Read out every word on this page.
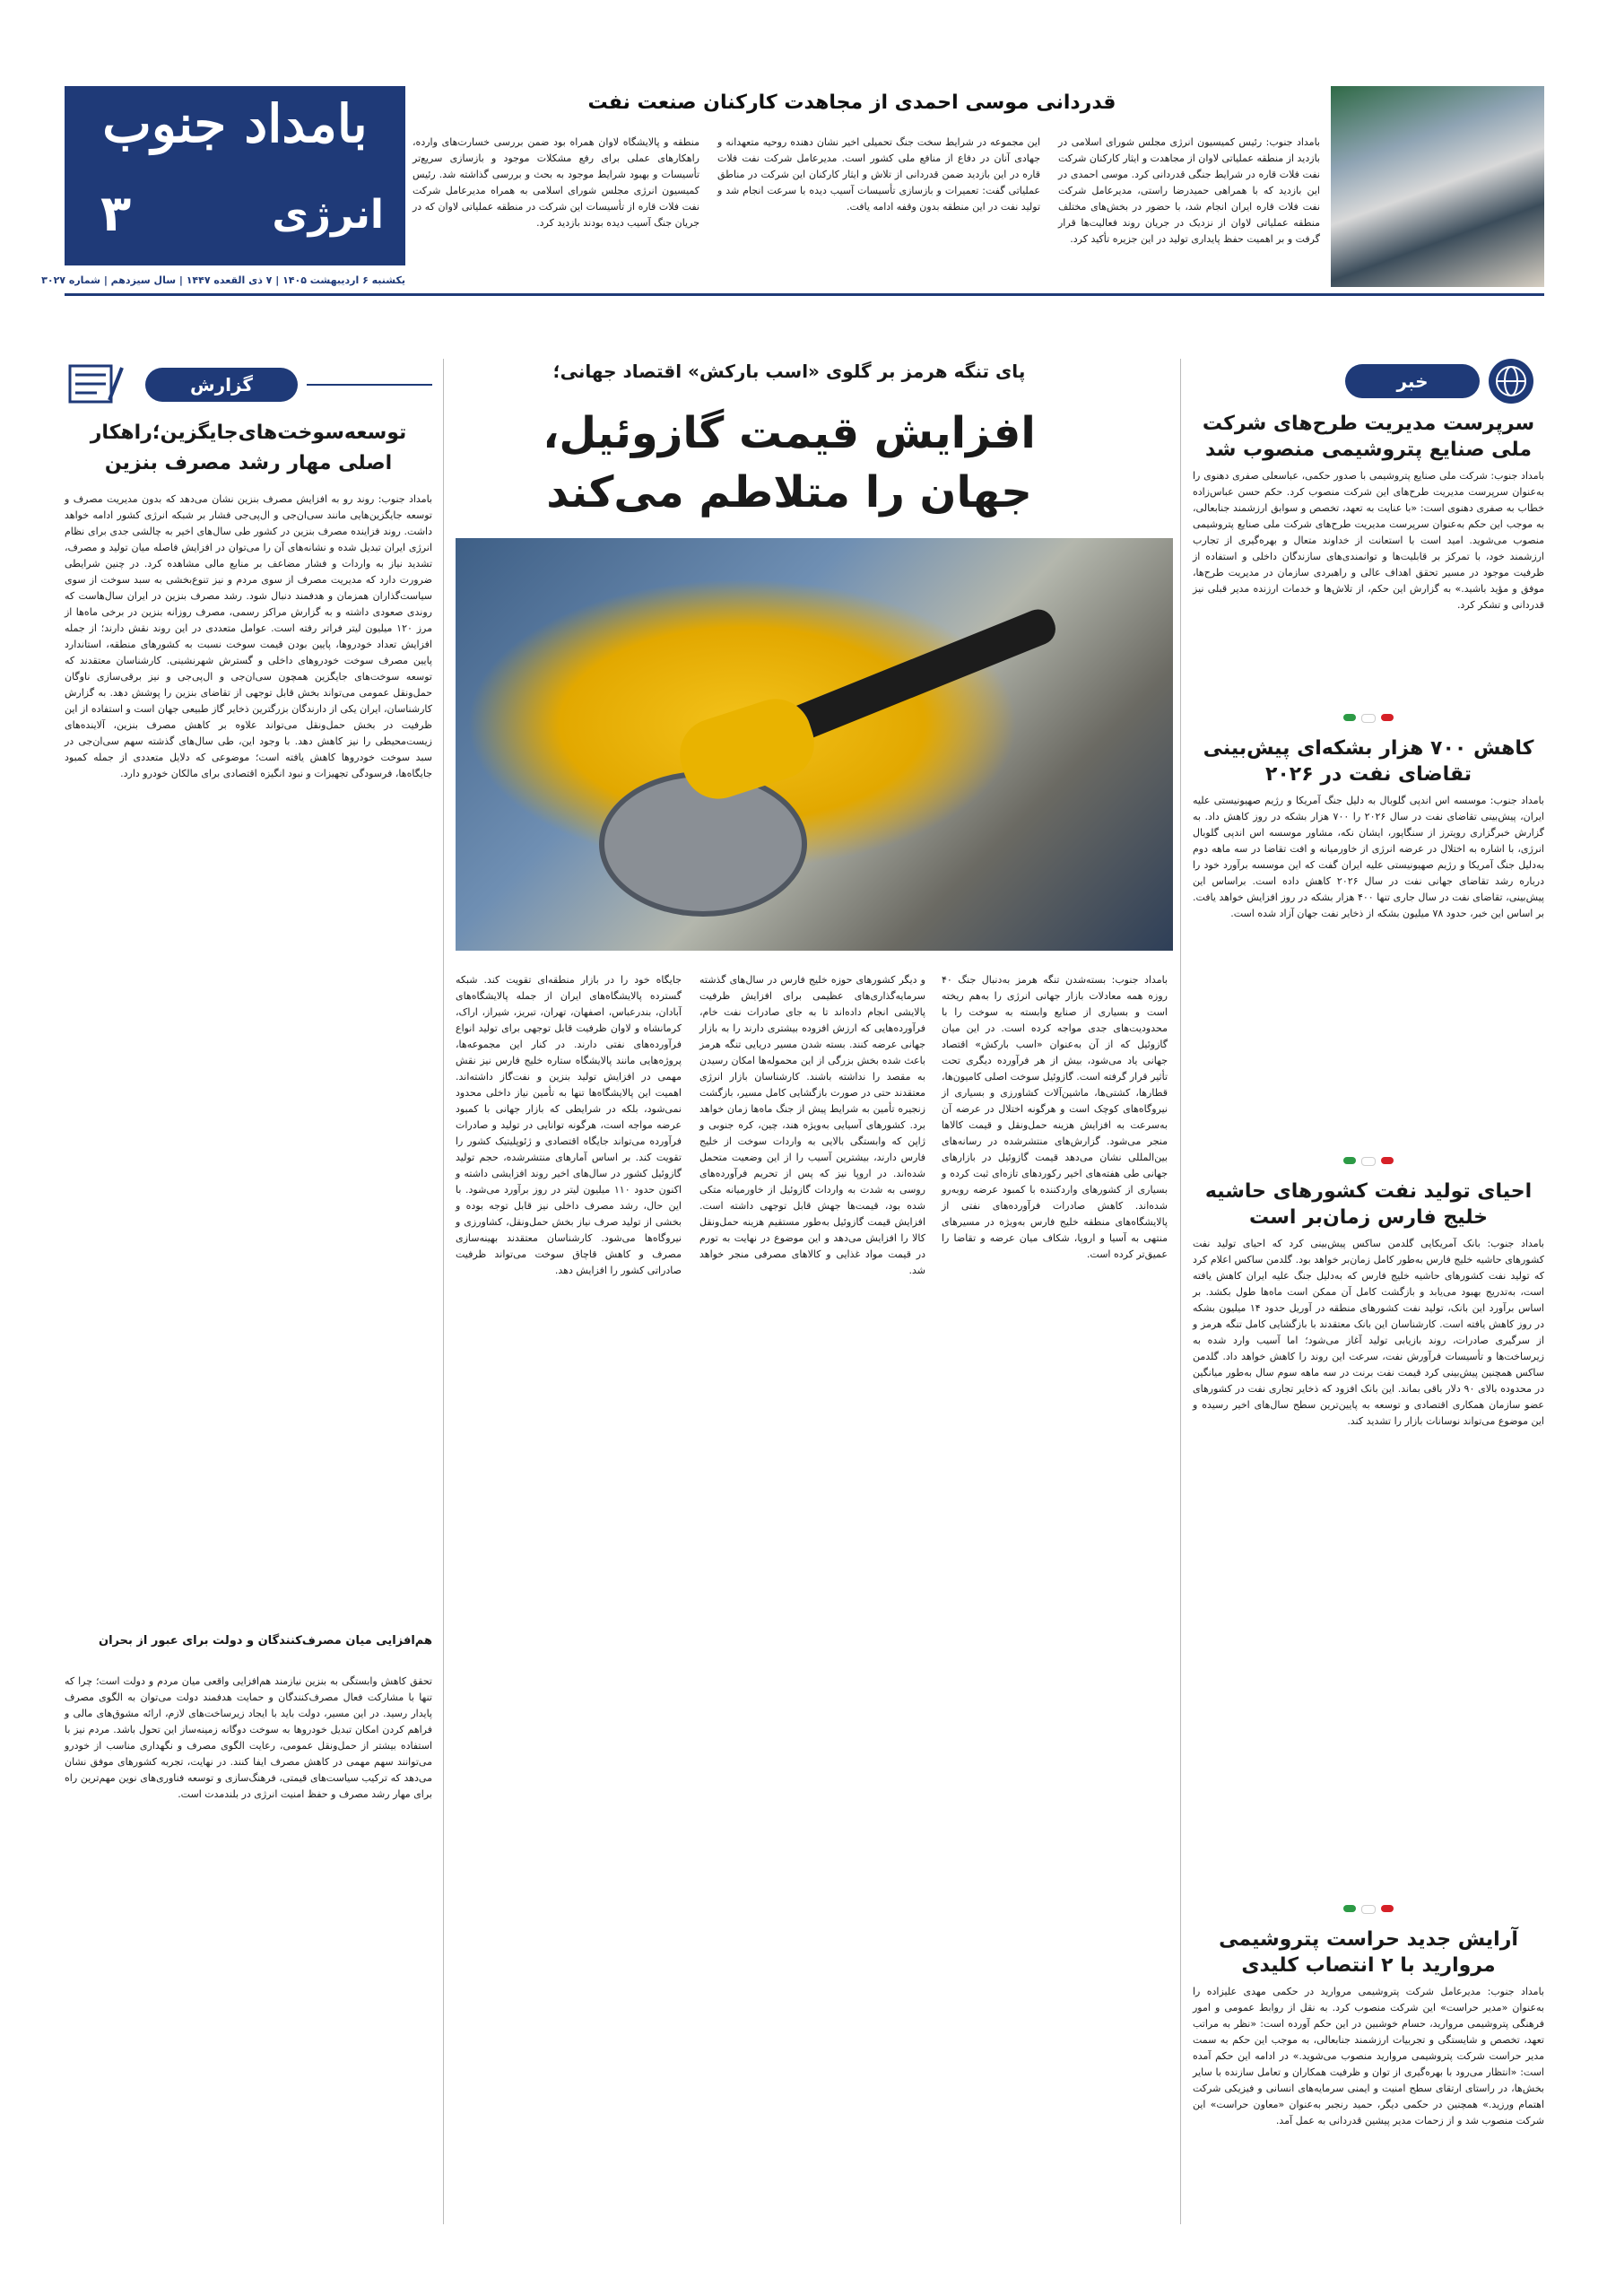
بامداد جنوب
انرژی
۳
یکشنبه ۶ اردیبهشت ۱۴۰۵ | ۷ ذی القعده ۱۴۴۷ | سال سیزدهم | شماره ۳۰۲۷
قدردانی موسی احمدی از مجاهدت کارکنان صنعت نفت
بامداد جنوب: رئیس کمیسیون انرژی مجلس شورای اسلامی در بازدید از منطقه عملیاتی لاوان از مجاهدت و ایثار کارکنان شرکت نفت فلات قاره در شرایط جنگی قدردانی کرد. موسی احمدی در این بازدید که با همراهی حمیدرضا راستی، مدیرعامل شرکت نفت فلات قاره ایران انجام شد، با حضور در بخش‌های مختلف منطقه عملیاتی لاوان از نزدیک در جریان روند فعالیت‌ها قرار گرفت و بر اهمیت حفظ پایداری تولید در این جزیره تأکید کرد.
این مجموعه در شرایط سخت جنگ تحمیلی اخیر نشان دهنده روحیه متعهدانه و جهادی آنان در دفاع از منافع ملی کشور است. مدیرعامل شرکت نفت فلات قاره در این بازدید ضمن قدردانی از تلاش و ایثار کارکنان این شرکت در مناطق عملیاتی گفت: تعمیرات و بازسازی تأسیسات آسیب دیده با سرعت انجام شد و تولید نفت در این منطقه بدون وقفه ادامه یافت.
منطقه و پالایشگاه لاوان همراه بود ضمن بررسی خسارت‌های وارده، راهکارهای عملی برای رفع مشکلات موجود و بازسازی سریع‌تر تأسیسات و بهبود شرایط موجود به بحث و بررسی گذاشته شد. رئیس کمیسیون انرژی مجلس شورای اسلامی به همراه مدیرعامل شرکت نفت فلات قاره از تأسیسات این شرکت در منطقه عملیاتی لاوان که در جریان جنگ آسیب دیده بودند بازدید کرد.
خبر
سرپرست مدیریت طرح‌های شرکت
ملی صنایع پتروشیمی منصوب شد
بامداد جنوب: شرکت ملی صنایع پتروشیمی با صدور حکمی، عباسعلی صفری دهنوی را به‌عنوان سرپرست مدیریت طرح‌های این شرکت منصوب کرد. حکم حسن عباس‌زاده خطاب به صفری دهنوی است: «با عنایت به تعهد، تخصص و سوابق ارزشمند جنابعالی، به موجب این حکم به‌عنوان سرپرست مدیریت طرح‌های شرکت ملی صنایع پتروشیمی منصوب می‌شوید. امید است با استعانت از خداوند متعال و بهره‌گیری از تجارب ارزشمند خود، با تمرکز بر قابلیت‌ها و توانمندی‌های سازندگان داخلی و استفاده از ظرفیت موجود در مسیر تحقق اهداف عالی و راهبردی سازمان در مدیریت طرح‌ها، موفق و مؤید باشید.» به گزارش این حکم، از تلاش‌ها و خدمات ارزنده مدیر قبلی نیز قدردانی و تشکر کرد.
کاهش ۷۰۰ هزار بشکه‌ای پیش‌بینی
تقاضای نفت در ۲۰۲۶
بامداد جنوب: موسسه اس اندپی گلوبال به دلیل جنگ آمریکا و رژیم صهیونیستی علیه ایران، پیش‌بینی تقاضای نفت در سال ۲۰۲۶ را ۷۰۰ هزار بشکه در روز کاهش داد. به گزارش خبرگزاری رویترز از سنگاپور، ایشان نکه، مشاور موسسه اس اندپی گلوبال انرژی، با اشاره به اختلال در عرضه انرژی از خاورمیانه و افت تقاضا در سه ماهه دوم به‌دلیل جنگ آمریکا و رژیم صهیونیستی علیه ایران گفت که این موسسه برآورد خود را درباره رشد تقاضای جهانی نفت در سال ۲۰۲۶ کاهش داده است. براساس این پیش‌بینی، تقاضای نفت در سال جاری تنها ۴۰۰ هزار بشکه در روز افزایش خواهد یافت. بر اساس این خبر، حدود ۷۸ میلیون بشکه از ذخایر نفت جهان آزاد شده است.
احیای تولید نفت کشورهای حاشیه
خلیج فارس زمان‌بر است
بامداد جنوب: بانک آمریکایی گلدمن ساکس پیش‌بینی کرد که احیای تولید نفت کشورهای حاشیه خلیج فارس به‌طور کامل زمان‌بر خواهد بود. گلدمن ساکس اعلام کرد که تولید نفت کشورهای حاشیه خلیج فارس که به‌دلیل جنگ علیه ایران کاهش یافته است، به‌تدریج بهبود می‌یابد و بازگشت کامل آن ممکن است ماه‌ها طول بکشد. بر اساس برآورد این بانک، تولید نفت کشورهای منطقه در آوریل حدود ۱۴ میلیون بشکه در روز کاهش یافته است. کارشناسان این بانک معتقدند با بازگشایی کامل تنگه هرمز و از سرگیری صادرات، روند بازیابی تولید آغاز می‌شود؛ اما آسیب وارد شده به زیرساخت‌ها و تأسیسات فرآورش نفت، سرعت این روند را کاهش خواهد داد. گلدمن ساکس همچنین پیش‌بینی کرد قیمت نفت برنت در سه ماهه سوم سال به‌طور میانگین در محدوده بالای ۹۰ دلار باقی بماند. این بانک افزود که ذخایر تجاری نفت در کشورهای عضو سازمان همکاری اقتصادی و توسعه به پایین‌ترین سطح سال‌های اخیر رسیده و این موضوع می‌تواند نوسانات بازار را تشدید کند.
آرایش جدید حراست پتروشیمی
مروارید با ۲ انتصاب کلیدی
بامداد جنوب: مدیرعامل شرکت پتروشیمی مروارید در حکمی مهدی علیزاده را به‌عنوان «مدیر حراست» این شرکت منصوب کرد. به نقل از روابط عمومی و امور فرهنگی پتروشیمی مروارید، حسام خوشبین در این حکم آورده است: «نظر به مراتب تعهد، تخصص و شایستگی و تجربیات ارزشمند جنابعالی، به موجب این حکم به سمت مدیر حراست شرکت پتروشیمی مروارید منصوب می‌شوید.» در ادامه این حکم آمده است: «انتظار می‌رود با بهره‌گیری از توان و ظرفیت همکاران و تعامل سازنده با سایر بخش‌ها، در راستای ارتقای سطح امنیت و ایمنی سرمایه‌های انسانی و فیزیکی شرکت اهتمام ورزید.» همچنین در حکمی دیگر، حمید رنجبر به‌عنوان «معاون حراست» این شرکت منصوب شد و از زحمات مدیر پیشین قدردانی به عمل آمد.
پای تنگه هرمز بر گلوی «اسب بارکش» اقتصاد جهانی؛
افزایش قیمت گازوئیل،
جهان را متلاطم می‌کند
بامداد جنوب: بسته‌شدن تنگه هرمز به‌دنبال جنگ ۴۰ روزه همه معادلات بازار جهانی انرژی را به‌هم ریخته است و بسیاری از صنایع وابسته به سوخت را با محدودیت‌های جدی مواجه کرده است. در این میان گازوئیل که از آن به‌عنوان «اسب بارکش» اقتصاد جهانی یاد می‌شود، بیش از هر فرآورده دیگری تحت تأثیر قرار گرفته است. گازوئیل سوخت اصلی کامیون‌ها، قطارها، کشتی‌ها، ماشین‌آلات کشاورزی و بسیاری از نیروگاه‌های کوچک است و هرگونه اختلال در عرضه آن به‌سرعت به افزایش هزینه حمل‌ونقل و قیمت کالاها منجر می‌شود. گزارش‌های منتشرشده در رسانه‌های بین‌المللی نشان می‌دهد قیمت گازوئیل در بازارهای جهانی طی هفته‌های اخیر رکوردهای تازه‌ای ثبت کرده و بسیاری از کشورهای واردکننده با کمبود عرضه روبه‌رو شده‌اند. کاهش صادرات فرآورده‌های نفتی از پالایشگاه‌های منطقه خلیج فارس به‌ویژه در مسیرهای منتهی به آسیا و اروپا، شکاف میان عرضه و تقاضا را عمیق‌تر کرده است.
و دیگر کشورهای حوزه خلیج فارس در سال‌های گذشته سرمایه‌گذاری‌های عظیمی برای افزایش ظرفیت پالایشی انجام داده‌اند تا به جای صادرات نفت خام، فرآورده‌هایی که ارزش افزوده بیشتری دارند را به بازار جهانی عرضه کنند. بسته شدن مسیر دریایی تنگه هرمز باعث شده بخش بزرگی از این محموله‌ها امکان رسیدن به مقصد را نداشته باشند. کارشناسان بازار انرژی معتقدند حتی در صورت بازگشایی کامل مسیر، بازگشت زنجیره تأمین به شرایط پیش از جنگ ماه‌ها زمان خواهد برد. کشورهای آسیایی به‌ویژه هند، چین، کره جنوبی و ژاپن که وابستگی بالایی به واردات سوخت از خلیج فارس دارند، بیشترین آسیب را از این وضعیت متحمل شده‌اند. در اروپا نیز که پس از تحریم فرآورده‌های روسی به شدت به واردات گازوئیل از خاورمیانه متکی شده بود، قیمت‌ها جهش قابل توجهی داشته است. افزایش قیمت گازوئیل به‌طور مستقیم هزینه حمل‌ونقل کالا را افزایش می‌دهد و این موضوع در نهایت به تورم در قیمت مواد غذایی و کالاهای مصرفی منجر خواهد شد.
جایگاه خود را در بازار منطقه‌ای تقویت کند. شبکه گسترده پالایشگاه‌های ایران از جمله پالایشگاه‌های آبادان، بندرعباس، اصفهان، تهران، تبریز، شیراز، اراک، کرمانشاه و لاوان ظرفیت قابل توجهی برای تولید انواع فرآورده‌های نفتی دارند. در کنار این مجموعه‌ها، پروژه‌هایی مانند پالایشگاه ستاره خلیج فارس نیز نقش مهمی در افزایش تولید بنزین و نفت‌گاز داشته‌اند. اهمیت این پالایشگاه‌ها تنها به تأمین نیاز داخلی محدود نمی‌شود، بلکه در شرایطی که بازار جهانی با کمبود عرضه مواجه است، هرگونه توانایی در تولید و صادرات فرآورده می‌تواند جایگاه اقتصادی و ژئوپلیتیک کشور را تقویت کند. بر اساس آمارهای منتشرشده، حجم تولید گازوئیل کشور در سال‌های اخیر روند افزایشی داشته و اکنون حدود ۱۱۰ میلیون لیتر در روز برآورد می‌شود. با این حال، رشد مصرف داخلی نیز قابل توجه بوده و بخشی از تولید صرف نیاز بخش حمل‌ونقل، کشاورزی و نیروگاه‌ها می‌شود. کارشناسان معتقدند بهینه‌سازی مصرف و کاهش قاچاق سوخت می‌تواند ظرفیت صادراتی کشور را افزایش دهد.
گزارش
توسعه‌سوخت‌های‌جایگزین؛راهکار
اصلی مهار رشد مصرف بنزین
بامداد جنوب: روند رو به افزایش مصرف بنزین نشان می‌دهد که بدون مدیریت مصرف و توسعه جایگزین‌هایی مانند سی‌ان‌جی و ال‌پی‌جی فشار بر شبکه انرژی کشور ادامه خواهد داشت. روند فزاینده مصرف بنزین در کشور طی سال‌های اخیر به چالشی جدی برای نظام انرژی ایران تبدیل شده و نشانه‌های آن را می‌توان در افزایش فاصله میان تولید و مصرف، تشدید نیاز به واردات و فشار مضاعف بر منابع مالی مشاهده کرد. در چنین شرایطی ضرورت دارد که مدیریت مصرف از سوی مردم و نیز تنوع‌بخشی به سبد سوخت از سوی سیاست‌گذاران همزمان و هدفمند دنبال شود. رشد مصرف بنزین در ایران سال‌هاست که روندی صعودی داشته و به گزارش مراکز رسمی، مصرف روزانه بنزین در برخی ماه‌ها از مرز ۱۲۰ میلیون لیتر فراتر رفته است. عوامل متعددی در این روند نقش دارند؛ از جمله افزایش تعداد خودروها، پایین بودن قیمت سوخت نسبت به کشورهای منطقه، استاندارد پایین مصرف سوخت خودروهای داخلی و گسترش شهرنشینی. کارشناسان معتقدند که توسعه سوخت‌های جایگزین همچون سی‌ان‌جی و ال‌پی‌جی و نیز برقی‌سازی ناوگان حمل‌ونقل عمومی می‌تواند بخش قابل توجهی از تقاضای بنزین را پوشش دهد. به گزارش کارشناسان، ایران یکی از دارندگان بزرگترین ذخایر گاز طبیعی جهان است و استفاده از این ظرفیت در بخش حمل‌ونقل می‌تواند علاوه بر کاهش مصرف بنزین، آلاینده‌های زیست‌محیطی را نیز کاهش دهد. با وجود این، طی سال‌های گذشته سهم سی‌ان‌جی در سبد سوخت خودروها کاهش یافته است؛ موضوعی که دلایل متعددی از جمله کمبود جایگاه‌ها، فرسودگی تجهیزات و نبود انگیزه اقتصادی برای مالکان خودرو دارد.
هم‌افزایی میان مصرف‌کنندگان و دولت برای عبور از بحران
تحقق کاهش وابستگی به بنزین نیازمند هم‌افزایی واقعی میان مردم و دولت است؛ چرا که تنها با مشارکت فعال مصرف‌کنندگان و حمایت هدفمند دولت می‌توان به الگوی مصرف پایدار رسید. در این مسیر، دولت باید با ایجاد زیرساخت‌های لازم، ارائه مشوق‌های مالی و فراهم کردن امکان تبدیل خودروها به سوخت دوگانه زمینه‌ساز این تحول باشد. مردم نیز با استفاده بیشتر از حمل‌ونقل عمومی، رعایت الگوی مصرف و نگهداری مناسب از خودرو می‌توانند سهم مهمی در کاهش مصرف ایفا کنند. در نهایت، تجربه کشورهای موفق نشان می‌دهد که ترکیب سیاست‌های قیمتی، فرهنگ‌سازی و توسعه فناوری‌های نوین مهم‌ترین راه برای مهار رشد مصرف و حفظ امنیت انرژی در بلندمدت است.
